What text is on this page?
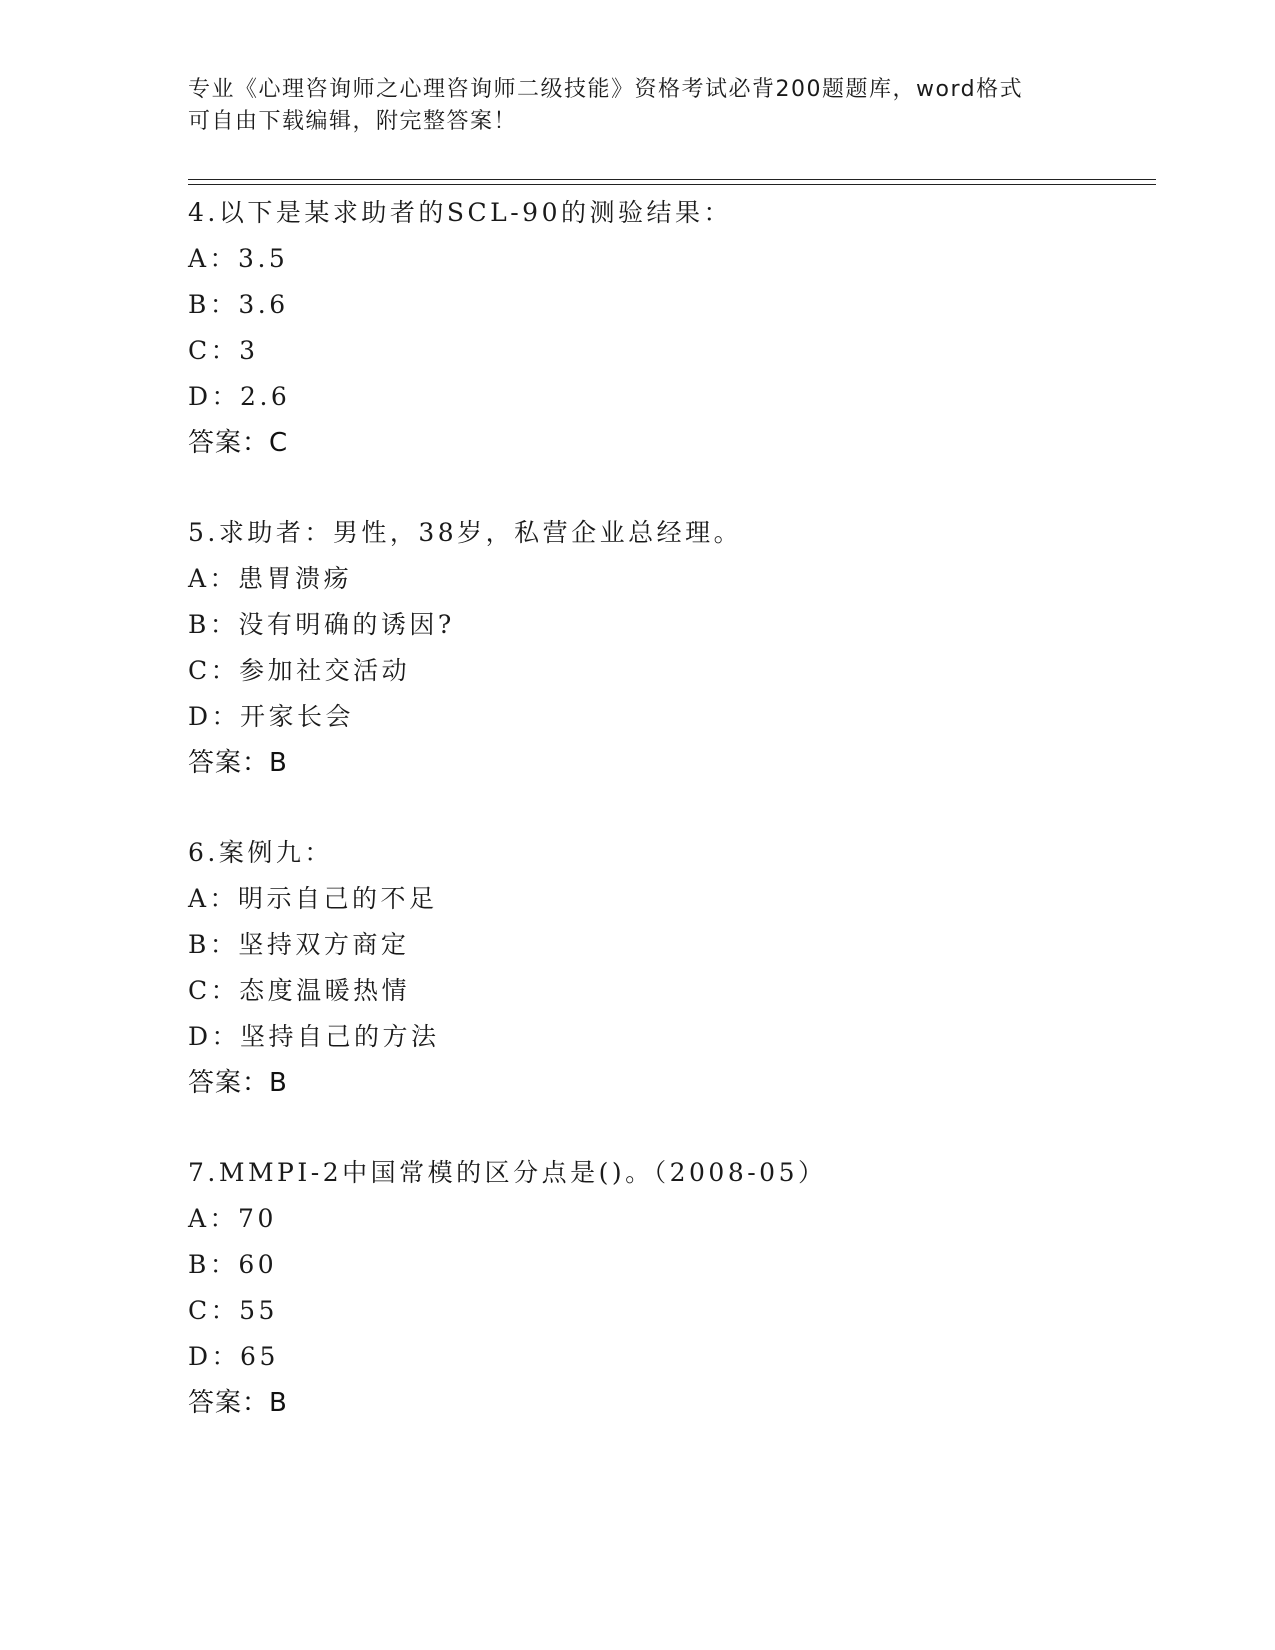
专业《心理咨询师之心理咨询师二级技能》资格考试必背200题题库，word格式
可自由下载编辑，附完整答案！
4.以下是某求助者的SCL-90的测验结果：
A：3.5
B：3.6
C：3
D：2.6
答案：C
5.求助者：男性，38岁，私营企业总经理。
A：患胃溃疡
B：没有明确的诱因?
C：参加社交活动
D：开家长会
答案：B
6.案例九：
A：明示自己的不足
B：坚持双方商定
C：态度温暖热情
D：坚持自己的方法
答案：B
7.MMPI-2中国常模的区分点是()。（2008-05）
A：70
B：60
C：55
D：65
答案：B
